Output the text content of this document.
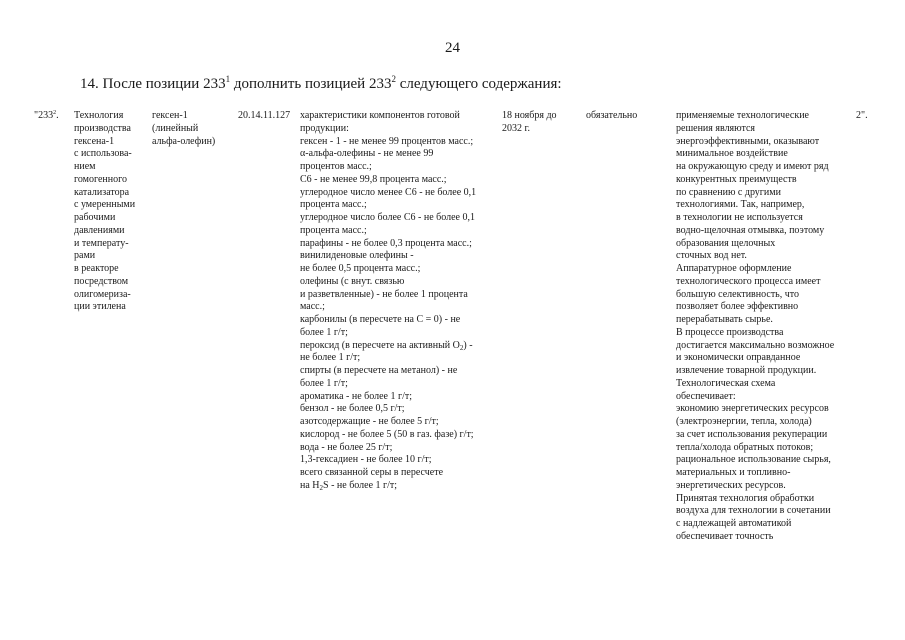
24
14. После позиции $233^1$ дополнить позицией $233^2$ следующего содержания:
"$233^2$.	Технология
производства
гексена-1
с использова-
нием
гомогенного
катализатора
с умеренными
рабочими
давлениями
и температу-
рами
в реакторе
посредством
олигомериза-
ции этилена
гексен-1
(линейный
альфа-олефин)
20.14.11.127 характеристики компонентов готовой
продукции:
гексен - 1 - не менее 99 процентов масс.;
α-альфа-олефины - не менее 99
процентов масс.;
С6 - не менее 99,8 процента масс.;
углеродное число менее С6 - не более 0,1
процента масс.;
углеродное число более С6 - не более 0,1
процента масс.;
парафины - не более 0,3 процента масс.;
винилиденовые олефины -
не более 0,5 процента масс.;
олефины (с внут. связью
и разветвленные) - не более 1 процента
масс.;
карбонилы (в пересчете на С = 0) - не
более 1 г/т;
пероксид (в пересчете на активный $О_2$) -
не более 1 г/т;
спирты (в пересчете на метанол) - не
более 1 г/т;
ароматика - не более 1 г/т;
бензол - не более 0,5 г/т;
азотсодержащие - не более 5 г/т;
кислород - не более 5 (50 в газ. фазе) г/т;
вода - не более 25 г/т;
1,3-гексадиен - не более 10 г/т;
всего связанной серы в пересчете
на $Н_2S$ - не более 1 г/т;
18 ноября до
2032 г.
обязательно	применяемые технологические
решения являются
энергоэффективными, оказывают
минимальное воздействие
на окружающую среду и имеют ряд
конкурентных преимуществ
по сравнению с другими
технологиями. Так, например,
в технологии не используется
водно-щелочная отмывка, поэтому
образования щелочных
сточных вод нет.
Аппаратурное оформление
технологического процесса имеет
большую селективность, что
позволяет более эффективно
перерабатывать сырье.
В процессе производства
достигается максимально возможное
и экономически оправданное
извлечение товарной продукции.
Технологическая схема
обеспечивает:
экономию энергетических ресурсов
(электроэнергии, тепла, холода)
за счет использования рекуперации
тепла/холода обратных потоков;
рациональное использование сырья,
материальных и топливно-
энергетических ресурсов.
Принятая технология обработки
воздуха для технологии в сочетании
с надлежащей автоматикой
обеспечивает точность
2".
